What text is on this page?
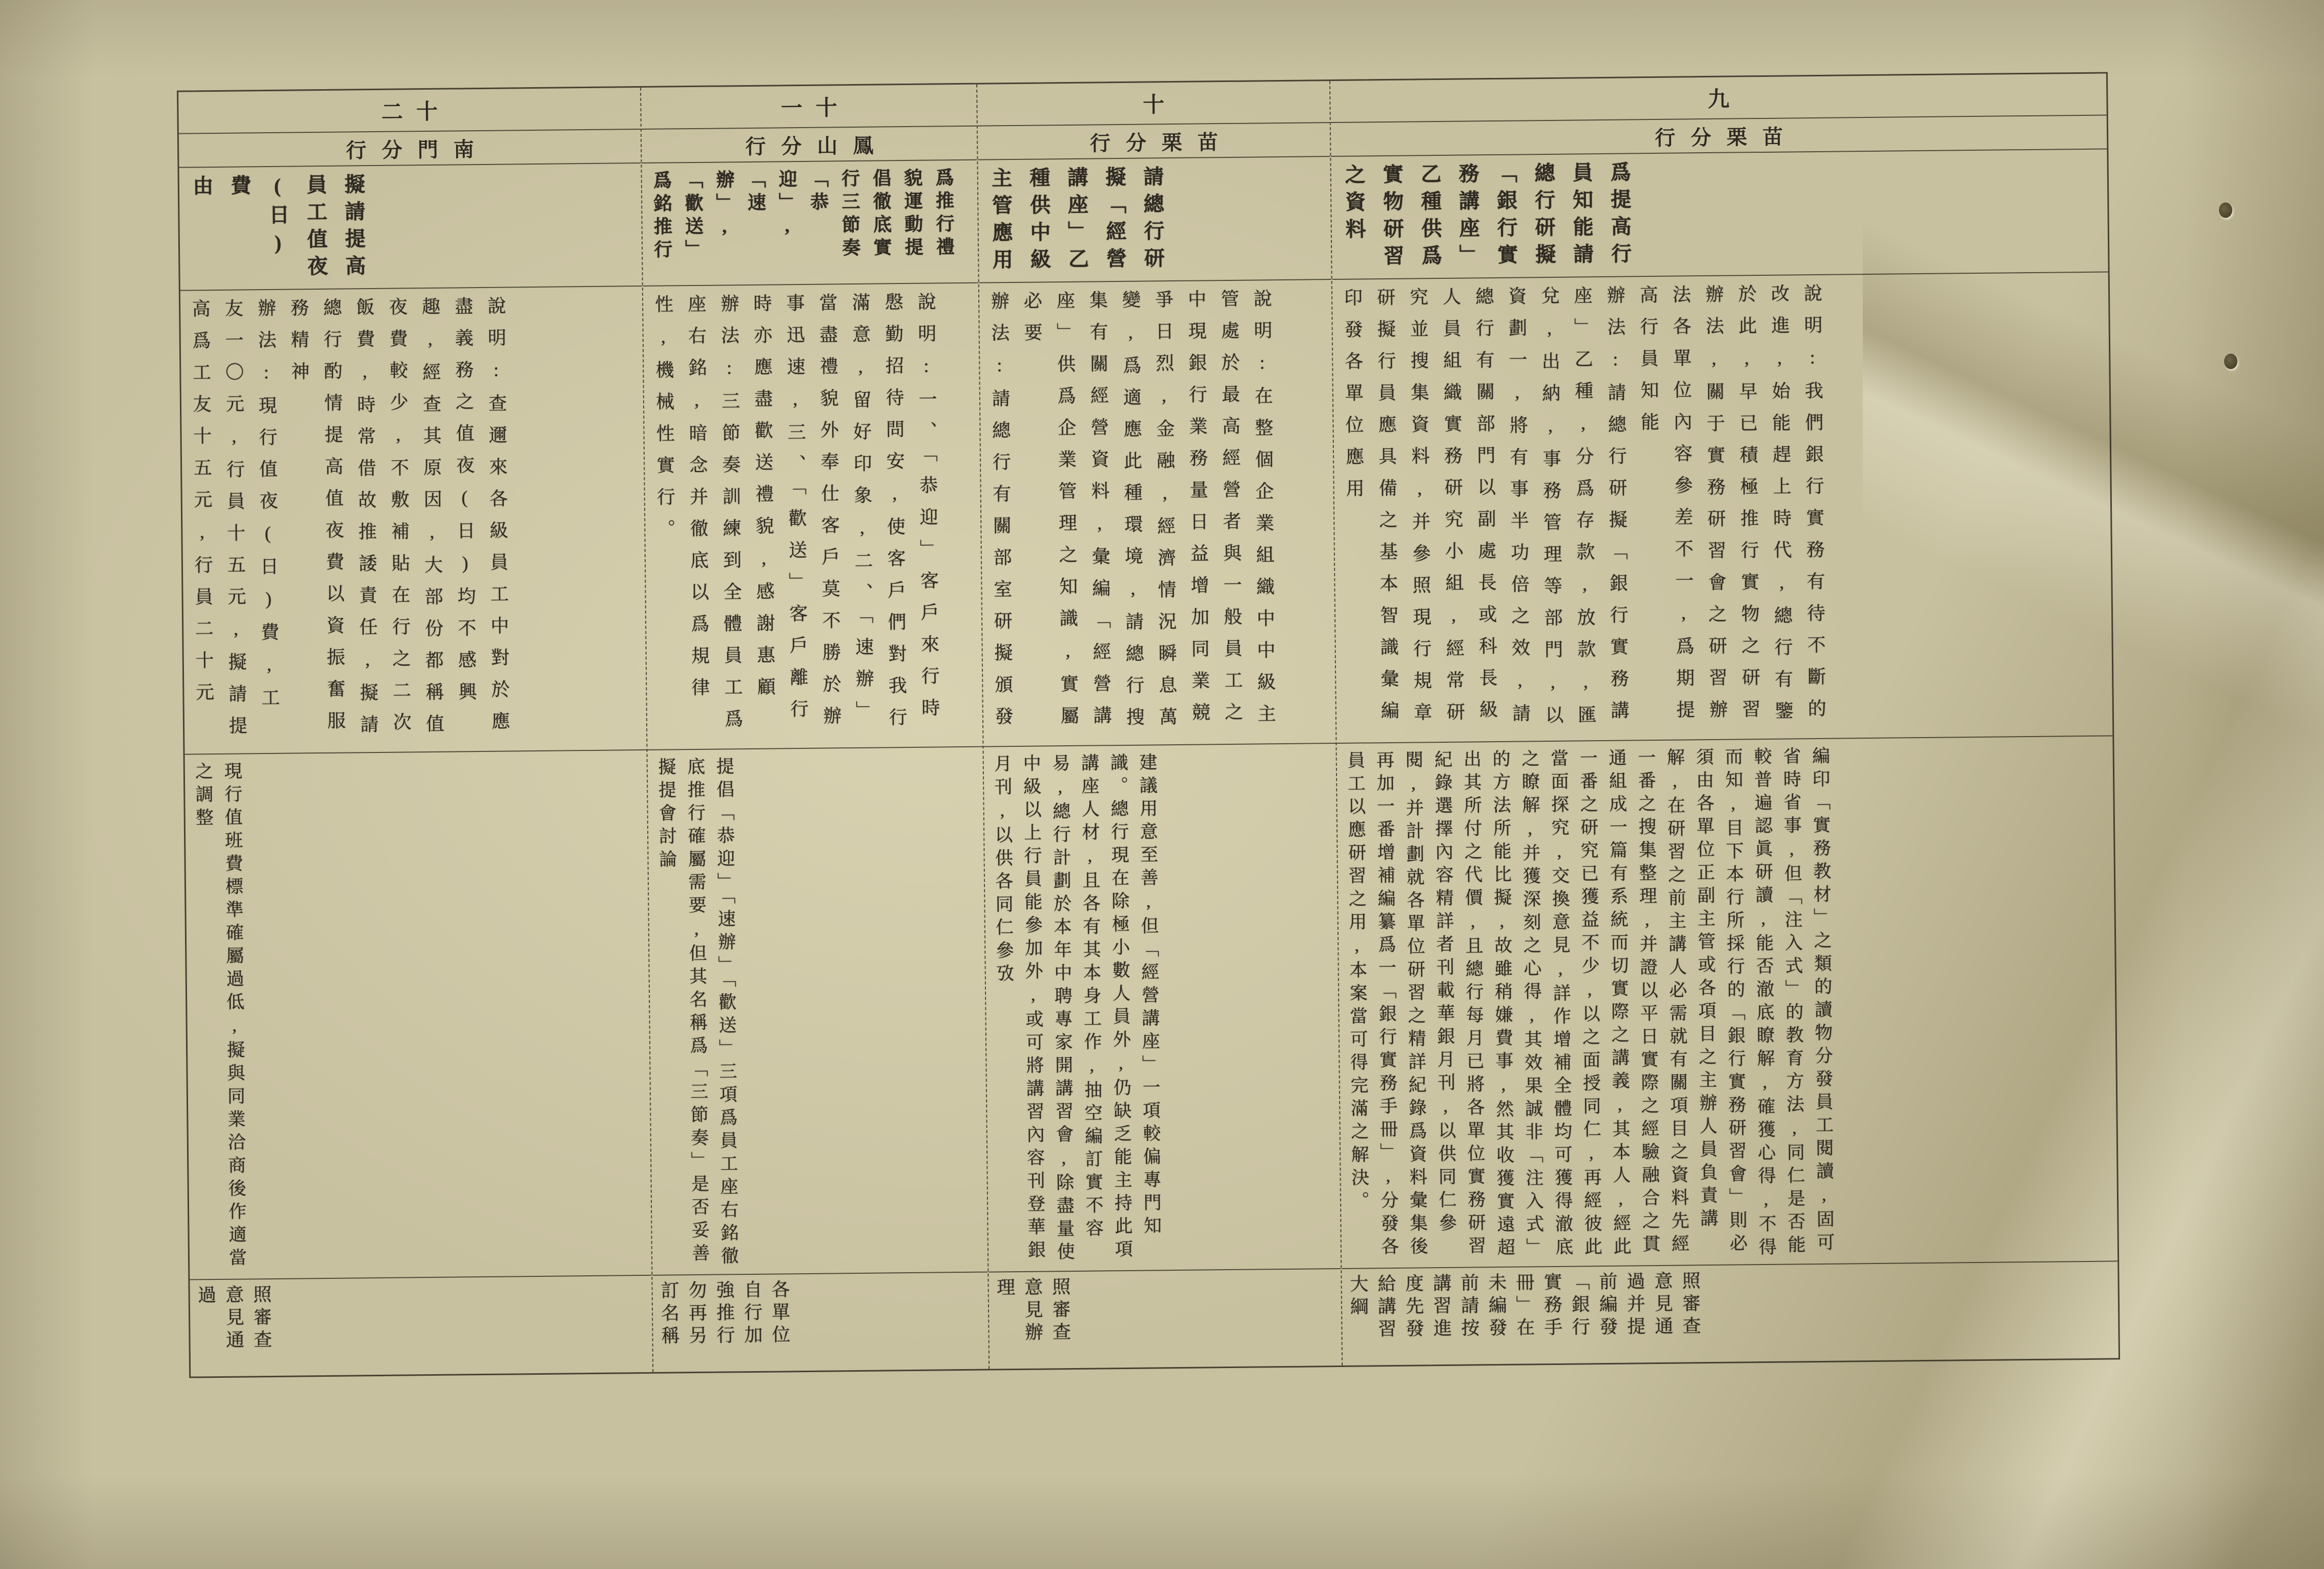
九
行分栗苗
爲提高行員知能請總行研擬「銀行實務講座」乙種供爲實物研習之資料
說明:我們銀行實務有待不斷的改進,始能趕上時代,總行有鑒於此,早已積極推行實物之研習辦法,關于實務研習會之研習辦法各單位內容參差不一,爲期提高行員知能
辦法:請總行研擬「銀行實務講座」乙種,分爲存款,放款,匯兌,出納,事務管理等部門,以資劃一,將有事半功倍之效,請總行有關部門以副處長或科長級人員組織實務研究小組,經常研究並搜集資料,并參照現行規章研擬行員應具備之基本智識彙編印發各單位應用
編印「實務教材」之類的讀物分發員工閱讀,固可省時省事,但「注入式」的教育方法,同仁是否能較普遍認眞研讀,能否澈底瞭解,確獲心得,不得而知,目下本行所採行的「銀行實務研習會」則必須由各單位正副主管或各項目之主辦人員負責講解,在研習之前主講人必需就有關項目之資料先經一番之搜集整理,并證以平日實際之經驗融合之貫通組成一篇有系統而切實際之講義,其本人,經此一番之研究已獲益不少,以之面授同仁,再經彼此當面探究,交換意見,詳作增補全體均可獲得澈底之瞭解,并獲深刻之心得,其效果誠非「注入式」的方法所能比擬,故雖稍嫌費事,然其收獲實遠超出其所付之代價,且總行每月已將各單位實務研習紀錄選擇內容精詳者刊載華銀月刊,以供同仁參閱,并計劃就各單位研習之精詳紀錄爲資料彙集後再加一番增補編纂爲一「銀行實務手冊」,分發各員工以應研習之用,本案當可得完滿之解決。
照審查意見通過并提前編發「銀行實務手冊」在未編發前請按講習進度先發給講習大綱
十
行分栗苗
請總行研擬「經營講座」乙種供中級主管應用
說明:在整個企業組織中中級主管處於最高經營者與一般員工之中現銀行業務量日益增加同業競爭日烈,金融,經濟情況瞬息萬變,爲適應此種環境,請總行搜集有關經營資料,彙編「經營講座」供爲企業管理之知識,實屬必要
辦法:請總行有關部室研擬頒發
建議用意至善,但「經營講座」一項較偏專門知識。總行現在除極小數人員外,仍缺乏能主持此項講座人材,且各有其本身工作,抽空編訂實不容易,總行計劃於本年中聘專家開講習會,除盡量使中級以上行員能參加外,或可將講習內容刊登華銀月刊,以供各同仁參攷
照審查意見辦理
一十
行分山鳳
爲推行禮貌運動提倡徹底實行三節奏「恭迎」,「速辦」,「歡送」爲銘推行
說明:一、「恭迎」客戶來行時慇勤招待問安,使客戶們對我行滿意,留好印象,二、「速辦」當盡禮貌外奉仕客戶莫不勝於辦事迅速,三、「歡送」客戶離行時亦應盡歡送禮貌,感謝惠顧
辦法:三節奏訓練到全體員工爲座右銘,暗念并徹底以爲規律性,機械性實行。
提倡「恭迎」「速辦」「歡送」三項爲員工座右銘徹底推行確屬需要,但其名稱爲「三節奏」是否妥善擬提會討論
各單位自行加強推行勿再另訂名稱
二十
行分門南
擬請提高員工值夜(日)費
由
說明:查邇來各級員工中對於應盡義務之值夜(日)均不感興趣,經查其原因,大部份都稱值夜費較少,不敷補貼在行之二次飯費,時常借故推諉責任,擬請總行酌情提高值夜費以資振奮服務精神
辦法:現行值夜(日)費,工友一〇元,行員十五元,擬請提高爲工友十五元,行員二十元
現行值班費標準確屬過低,擬與同業洽商後作適當之調整
照審查意見通過
